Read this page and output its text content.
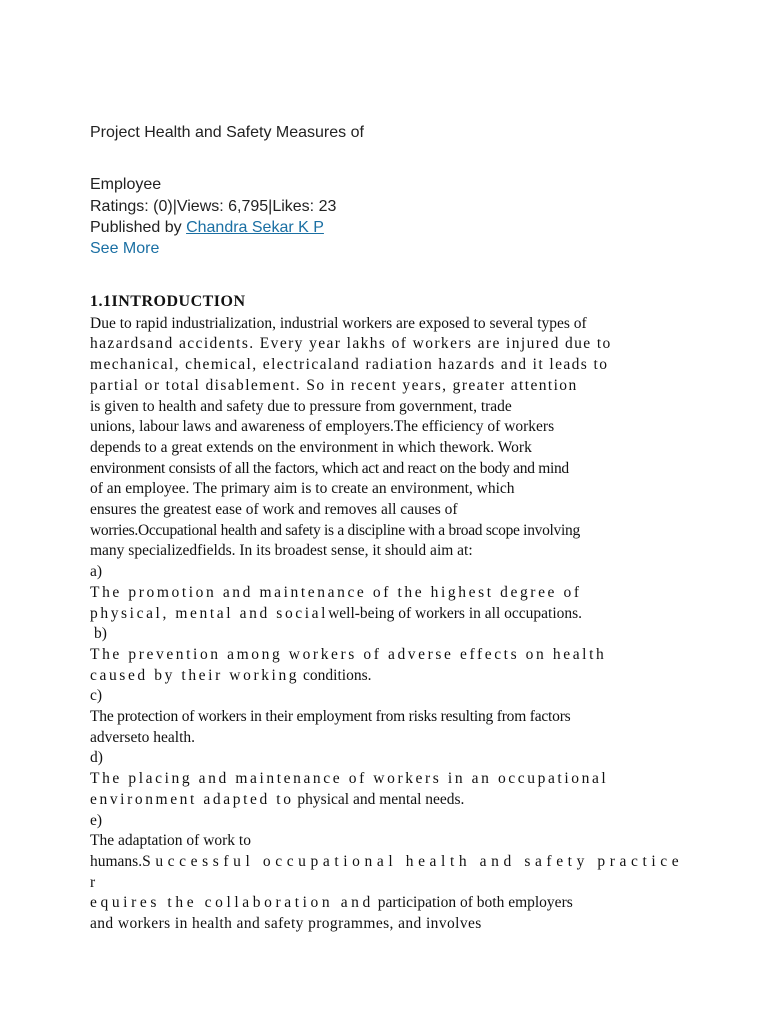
Project Health and Safety Measures of
Employee
Ratings: (0)|Views: 6,795|Likes: 23
Published by Chandra Sekar K P
See More

1.1INTRODUCTION

Due to rapid industrialization, industrial workers are exposed to several types of

hazardsand accidents. Every year lakhs of workers are injured due to

mechanical, chemical, electricaland radiation hazards and it leads to

partial or total disablement. So in recent years, greater attention

is given to health and safety due to pressure from government, trade

unions, labour laws and awareness of employers.The efficiency of workers

depends to a great extends on the environment in which thework. Work

environment consists of all the factors, which act and react on the body and mind

of an employee. The primary aim is to create an environment, which

ensures the greatest ease of work and removes all causes of

worries.Occupational health and safety is a discipline with a broad scope involving

many specializedfields. In its broadest sense, it should aim at:

a)

The promotion and maintenance of the highest degree of

physical, mental and socialwell-being of workers in all occupations.

b)

The prevention among workers of adverse effects on health

caused by their working conditions.

c)

The protection of workers in their employment from risks resulting from factors

adverseto health.

d)

The placing and maintenance of workers in an occupational

environment adapted to physical and mental needs.

e)

The adaptation of work to

humans.Successful occupational health and safety practice r

equires the collaboration and participation of both employers

and workers in health and safety programmes, and involves
